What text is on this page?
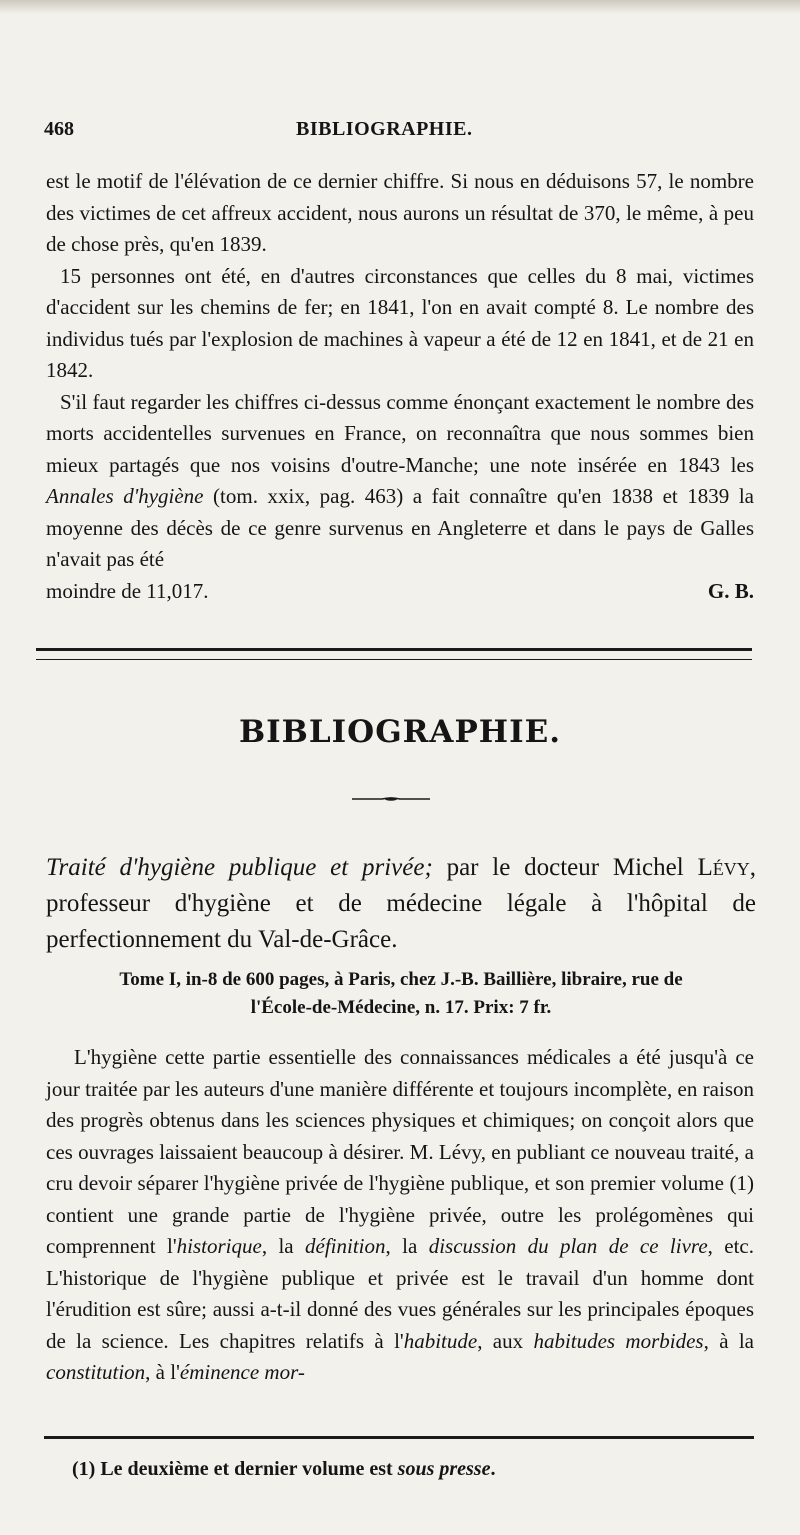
468	BIBLIOGRAPHIE.

est le motif de l'élévation de ce dernier chiffre. Si nous en déduisons 57, le nombre des victimes de cet affreux accident, nous aurons un résultat de 370, le même, à peu de chose près, qu'en 1839.

15 personnes ont été, en d'autres circonstances que celles du 8 mai, victimes d'accident sur les chemins de fer; en 1841, l'on en avait compté 8. Le nombre des individus tués par l'explosion de machines à vapeur a été de 12 en 1841, et de 21 en 1842.

S'il faut regarder les chiffres ci-dessus comme énonçant exactement le nombre des morts accidentelles survenues en France, on reconnaîtra que nous sommes bien mieux partagés que nos voisins d'outre-Manche; une note insérée en 1843 les Annales d'hygiène (tom. xxix, pag. 463) a fait connaître qu'en 1838 et 1839 la moyenne des décès de ce genre survenus en Angleterre et dans le pays de Galles n'avait pas été

moindre de 11,017.	G. B.
BIBLIOGRAPHIE.
Traité d'hygiène publique et privée; par le docteur Michel Lévy, professeur d'hygiène et de médecine légale à l'hôpital de perfectionnement du Val-de-Grâce.
Tome I, in-8 de 600 pages, à Paris, chez J.-B. Baillière, libraire, rue de
l'École-de-Médecine, n. 17. Prix: 7 fr.

L'hygiène cette partie essentielle des connaissances médicales a été jusqu'à ce jour traitée par les auteurs d'une manière différente et toujours incomplète, en raison des progrès obtenus dans les sciences physiques et chimiques; on conçoit alors que ces ouvrages laissaient beaucoup à désirer. M. Lévy, en publiant ce nouveau traité, a cru devoir séparer l'hygiène privée de l'hygiène publique, et son premier volume (1) contient une grande partie de l'hygiène privée, outre les prolégomènes qui comprennent l'historique, la définition, la discussion du plan de ce livre, etc. L'historique de l'hygiène publique et privée est le travail d'un homme dont l'érudition est sûre; aussi a-t-il donné des vues générales sur les principales époques de la science. Les chapitres relatifs à l'habitude, aux habitudes morbides, à la constitution, à l'éminence mor-

(1) Le deuxième et dernier volume est sous presse.
